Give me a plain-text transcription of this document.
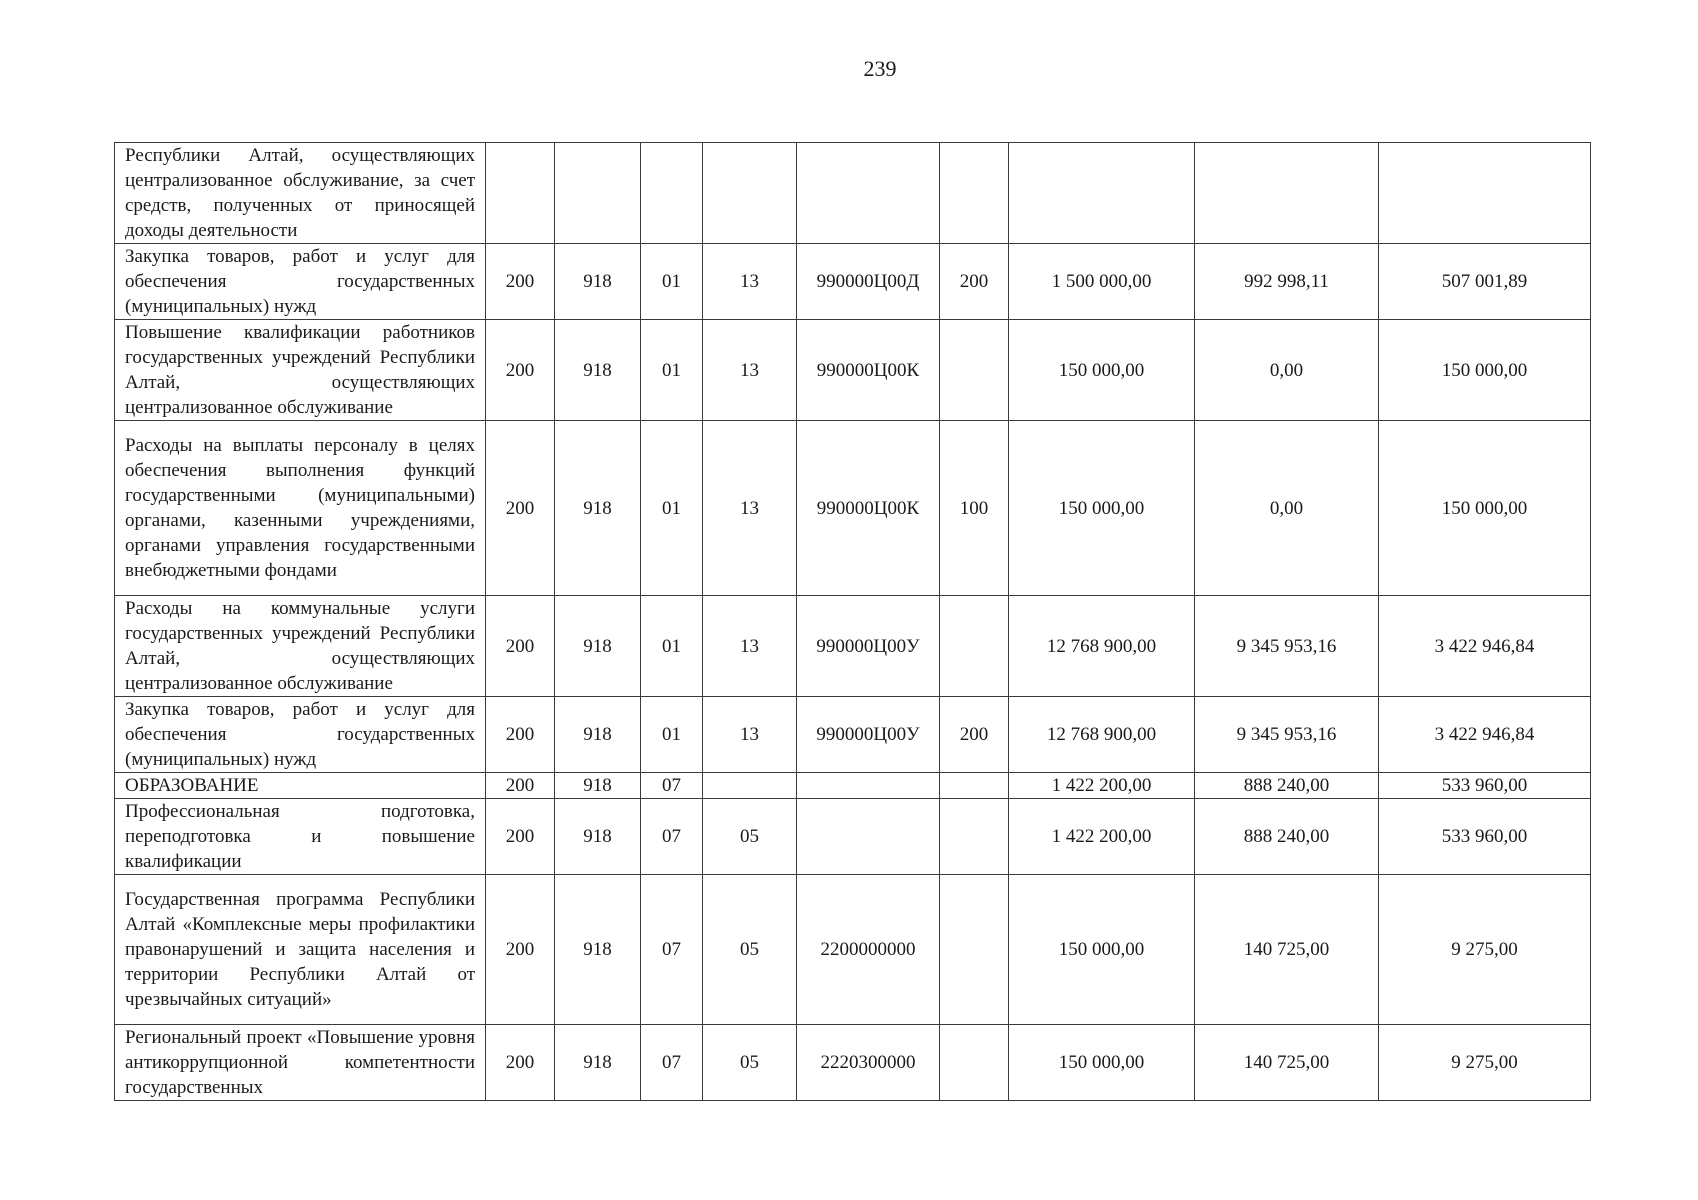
239
Республики Алтай, осуществляющих централизованное обслуживание, за счет средств, полученных от приносящей доходы деятельности									
Закупка товаров, работ и услуг для обеспечения государственных (муниципальных) нужд	200	918	01	13	990000Ц00Д	200	1 500 000,00	992 998,11	507 001,89
Повышение квалификации работников государственных учреждений Республики Алтай, осуществляющих централизованное обслуживание	200	918	01	13	990000Ц00К		150 000,00	0,00	150 000,00
Расходы на выплаты персоналу в целях обеспечения выполнения функций государственными (муниципальными) органами, казенными учреждениями, органами управления государственными внебюджетными фондами	200	918	01	13	990000Ц00К	100	150 000,00	0,00	150 000,00
Расходы на коммунальные услуги государственных учреждений Республики Алтай, осуществляющих централизованное обслуживание	200	918	01	13	990000Ц00У		12 768 900,00	9 345 953,16	3 422 946,84
Закупка товаров, работ и услуг для обеспечения государственных (муниципальных) нужд	200	918	01	13	990000Ц00У	200	12 768 900,00	9 345 953,16	3 422 946,84
ОБРАЗОВАНИЕ	200	918	07				1 422 200,00	888 240,00	533 960,00
Профессиональная подготовка, переподготовка и повышение квалификации	200	918	07	05			1 422 200,00	888 240,00	533 960,00
Государственная программа Республики Алтай «Комплексные меры профилактики правонарушений и защита населения и территории Республики Алтай от чрезвычайных ситуаций»	200	918	07	05	2200000000		150 000,00	140 725,00	9 275,00
Региональный проект «Повышение уровня антикоррупционной компетентности государственных	200	918	07	05	2220300000		150 000,00	140 725,00	9 275,00
